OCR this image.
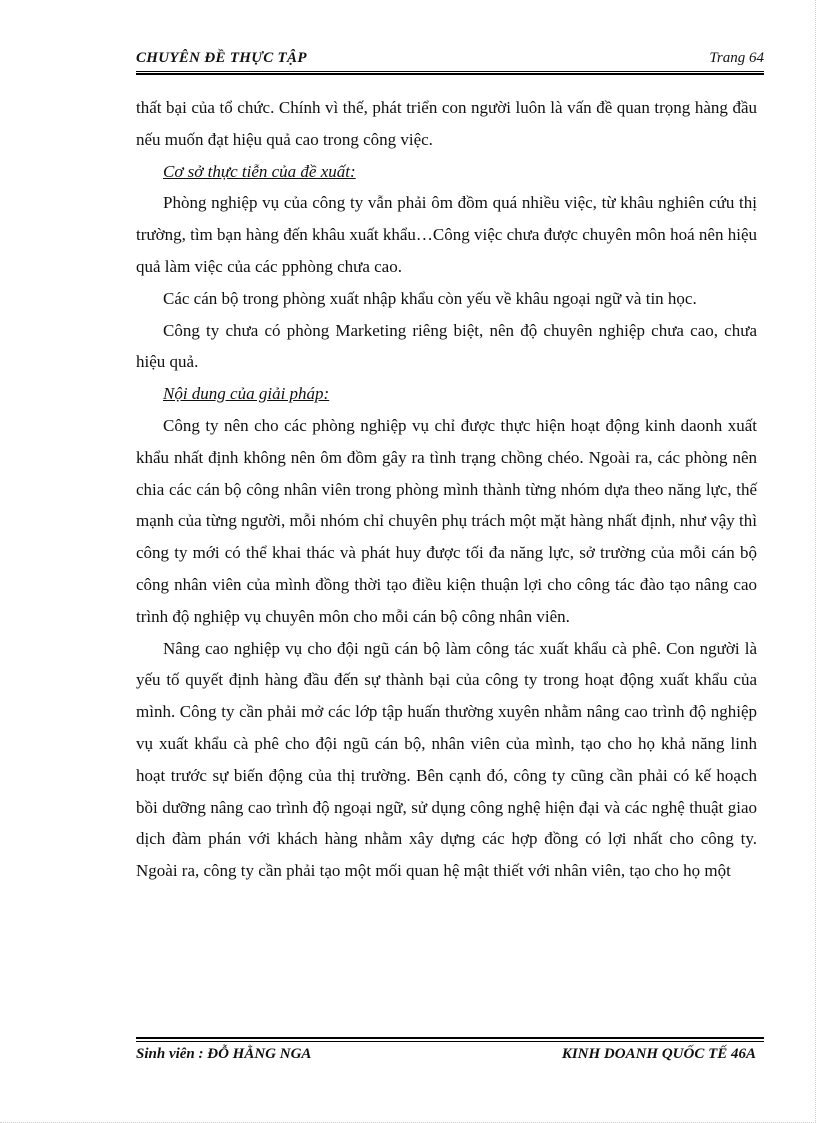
CHUYÊN ĐỀ THỰC TẬP	Trang 64

thất bại của tổ chức. Chính vì thế, phát triển con người luôn là vấn đề quan trọng hàng đầu nếu muốn đạt hiệu quả cao trong công việc.

Cơ sở thực tiễn của đề xuất:

Phòng nghiệp vụ của công ty vẫn phải ôm đồm quá nhiều việc, từ khâu nghiên cứu thị trường, tìm bạn hàng đến khâu xuất khẩu…Công việc chưa được chuyên môn hoá nên hiệu quả làm việc của các pphòng chưa cao.

Các cán bộ trong phòng xuất nhập khẩu còn yếu về khâu ngoại ngữ và tin học.

Công ty chưa có phòng Marketing riêng biệt, nên độ chuyên nghiệp chưa cao, chưa hiệu quả.

Nội dung của giải pháp:

Công ty nên cho các phòng nghiệp vụ chỉ được thực hiện hoạt động kinh daonh xuất khẩu nhất định không nên ôm đồm gây ra tình trạng chồng chéo. Ngoài ra, các phòng nên chia các cán bộ công nhân viên trong phòng mình thành từng nhóm dựa theo năng lực, thế mạnh của từng người, mỗi nhóm chỉ chuyên phụ trách một mặt hàng nhất định, như vậy thì công ty mới có thể khai thác và phát huy được tối đa năng lực, sở trường của mỗi cán bộ công nhân viên của mình đồng thời tạo điều kiện thuận lợi cho công tác đào tạo nâng cao trình độ nghiệp vụ chuyên môn cho mỗi cán bộ công nhân viên.

Nâng cao nghiệp vụ cho đội ngũ cán bộ làm công tác xuất khẩu cà phê. Con người là yếu tố quyết định hàng đầu đến sự thành bại của công ty trong hoạt động xuất khẩu của mình. Công ty cần phải mở các lớp tập huấn thường xuyên nhằm nâng cao trình độ nghiệp vụ xuất khẩu cà phê cho đội ngũ cán bộ, nhân viên của mình, tạo cho họ khả năng linh hoạt trước sự biến động của thị trường. Bên cạnh đó, công ty cũng cần phải có kế hoạch bồi dưỡng nâng cao trình độ ngoại ngữ, sử dụng công nghệ hiện đại và các nghệ thuật giao dịch đàm phán với khách hàng nhằm xây dựng các hợp đồng có lợi nhất cho công ty. Ngoài ra, công ty cần phải tạo một mối quan hệ mật thiết với nhân viên, tạo cho họ một

Sinh viên : ĐỖ HẰNG NGA	KINH DOANH QUỐC TẾ 46A
